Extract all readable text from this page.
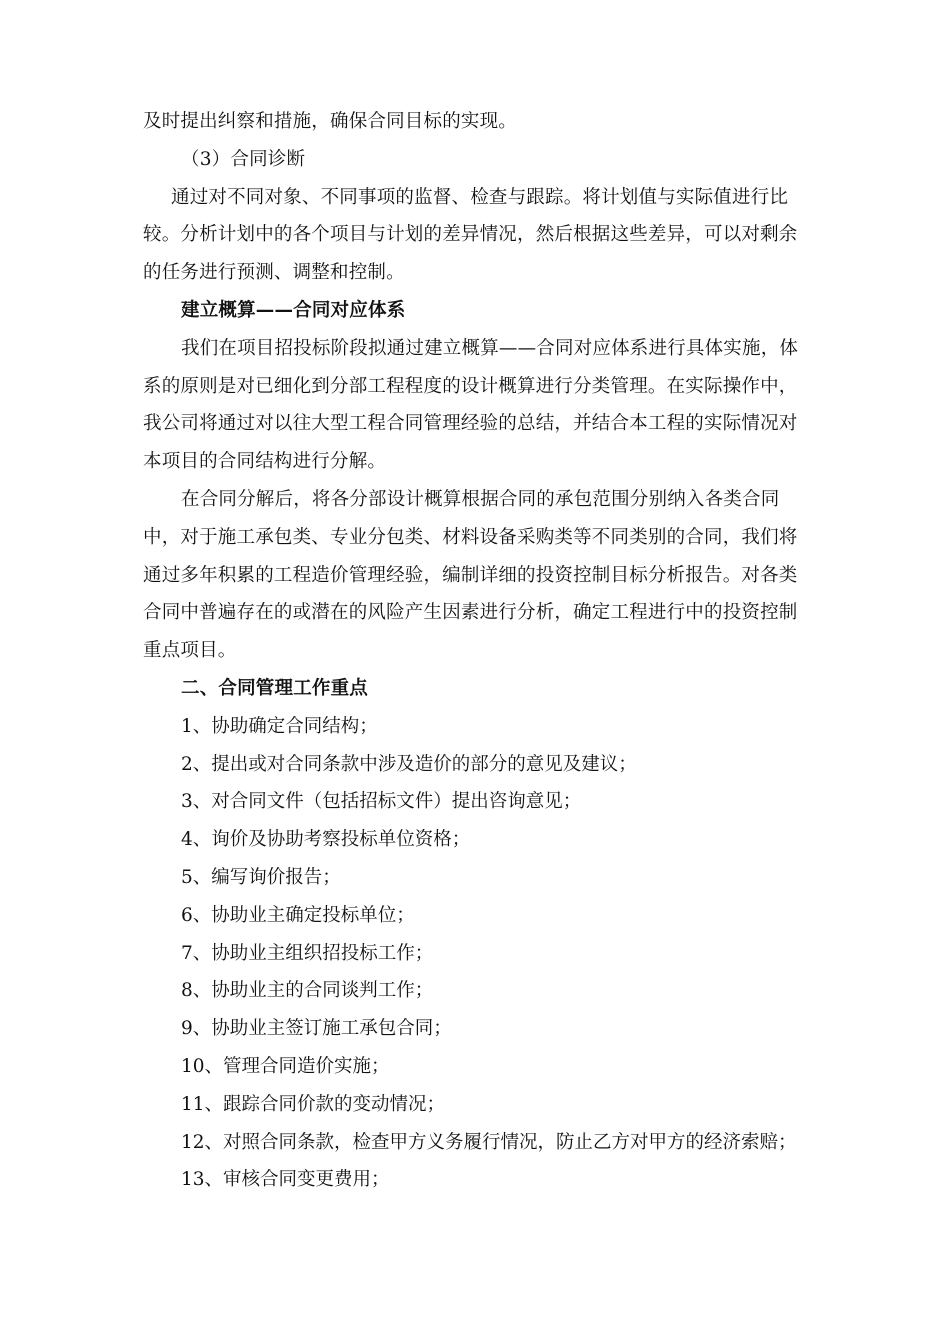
及时提出纠察和措施，确保合同目标的实现。

（3）合同诊断

通过对不同对象、不同事项的监督、检查与跟踪。将计划值与实际值进行比较。分析计划中的各个项目与计划的差异情况，然后根据这些差异，可以对剩余的任务进行预测、调整和控制。

建立概算——合同对应体系

我们在项目招投标阶段拟通过建立概算——合同对应体系进行具体实施，体系的原则是对已细化到分部工程程度的设计概算进行分类管理。在实际操作中，我公司将通过对以往大型工程合同管理经验的总结，并结合本工程的实际情况对本项目的合同结构进行分解。

在合同分解后，将各分部设计概算根据合同的承包范围分别纳入各类合同中，对于施工承包类、专业分包类、材料设备采购类等不同类别的合同，我们将通过多年积累的工程造价管理经验，编制详细的投资控制目标分析报告。对各类合同中普遍存在的或潜在的风险产生因素进行分析，确定工程进行中的投资控制重点项目。

二、合同管理工作重点

1、协助确定合同结构；

2、提出或对合同条款中涉及造价的部分的意见及建议；

3、对合同文件（包括招标文件）提出咨询意见；

4、询价及协助考察投标单位资格；

5、编写询价报告；

6、协助业主确定投标单位；

7、协助业主组织招投标工作；

8、协助业主的合同谈判工作；

9、协助业主签订施工承包合同；

10、管理合同造价实施；

11、跟踪合同价款的变动情况；

12、对照合同条款，检查甲方义务履行情况，防止乙方对甲方的经济索赔；

13、审核合同变更费用；
